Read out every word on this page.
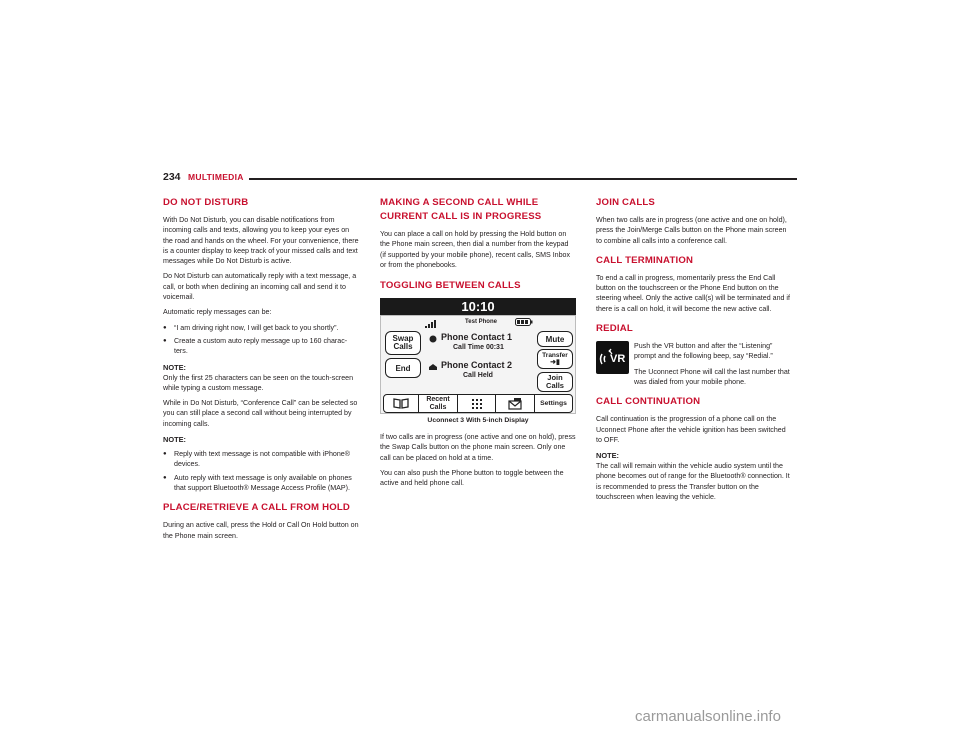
234 MULTIMEDIA
DO NOT DISTURB

With Do Not Disturb, you can disable notifications from incoming calls and texts, allowing you to keep your eyes on the road and hands on the wheel. For your convenience, there is a counter display to keep track of your missed calls and text messages while Do Not Disturb is active.

Do Not Disturb can automatically reply with a text message, a call, or both when declining an incoming call and send it to voicemail.

Automatic reply messages can be:

● “I am driving right now, I will get back to you shortly”.
● Create a custom auto reply message up to 160 charac-ters.
NOTE:

Only the first 25 characters can be seen on the touch-screen while typing a custom message.

While in Do Not Disturb, “Conference Call” can be selected so you can still place a second call without being interrupted by incoming calls.

NOTE:
● Reply with text message is not compatible with iPhone® devices.
● Auto reply with text message is only available on phones that support Bluetooth® Message Access Profile (MAP).
PLACE/RETRIEVE A CALL FROM HOLD

During an active call, press the Hold or Call On Hold button on the Phone main screen.

MAKING A SECOND CALL WHILE CURRENT CALL IS IN PROGRESS

You can place a call on hold by pressing the Hold button on the Phone main screen, then dial a number from the keypad (if supported by your mobile phone), recent calls, SMS Inbox or from the phonebooks.

TOGGLING BETWEEN CALLS
10:10
Test Phone
Swap Calls
Mute
Phone Contact 1
Call Time 00:31
Transfer
➜▮
End	Phone Contact 2
Call Held	Join Calls
Recent Calls	Settings
Uconnect 3 With 5-inch Display

If two calls are in progress (one active and one on hold), press the Swap Calls button on the phone main screen. Only one call can be placed on hold at a time.

You can also push the Phone button to toggle between the active and held phone call.

JOIN CALLS

When two calls are in progress (one active and one on hold), press the Join/Merge Calls button on the Phone main screen to combine all calls into a conference call.

CALL TERMINATION

To end a call in progress, momentarily press the End Call button on the touchscreen or the Phone End button on the steering wheel. Only the active call(s) will be terminated and if there is a call on hold, it will become the new active call.

REDIAL
VR

Push the VR button and after the “Listening” prompt and the following beep, say “Redial.”

The Uconnect Phone will call the last number that was dialed from your mobile phone.

CALL CONTINUATION

Call continuation is the progression of a phone call on the Uconnect Phone after the vehicle ignition has been switched to OFF.

NOTE:

The call will remain within the vehicle audio system until the phone becomes out of range for the Bluetooth® connection. It is recommended to press the Transfer button on the touchscreen when leaving the vehicle.

carmanualsonline.info
